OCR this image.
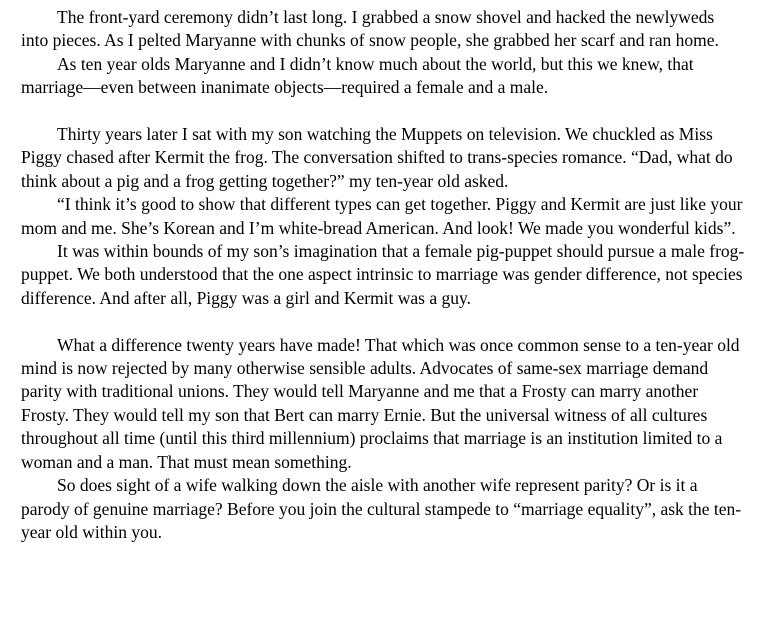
The front-yard ceremony didn’t last long. I grabbed a snow shovel and hacked the newlyweds into pieces. As I pelted Maryanne with chunks of snow people, she grabbed her scarf and ran home.

As ten year olds Maryanne and I didn’t know much about the world, but this we knew, that marriage—even between inanimate objects—required a female and a male.

Thirty years later I sat with my son watching the Muppets on television. We chuckled as Miss Piggy chased after Kermit the frog. The conversation shifted to trans-species romance. “Dad, what do think about a pig and a frog getting together?” my ten-year old asked.

“I think it’s good to show that different types can get together. Piggy and Kermit are just like your mom and me. She’s Korean and I’m white-bread American. And look! We made you wonderful kids”.

It was within bounds of my son’s imagination that a female pig-puppet should pursue a male frog-puppet. We both understood that the one aspect intrinsic to marriage was gender difference, not species difference. And after all, Piggy was a girl and Kermit was a guy.

What a difference twenty years have made! That which was once common sense to a ten-year old mind is now rejected by many otherwise sensible adults. Advocates of same-sex marriage demand parity with traditional unions. They would tell Maryanne and me that a Frosty can marry another Frosty. They would tell my son that Bert can marry Ernie. But the universal witness of all cultures throughout all time (until this third millennium) proclaims that marriage is an institution limited to a woman and a man. That must mean something.

So does sight of a wife walking down the aisle with another wife represent parity? Or is it a parody of genuine marriage? Before you join the cultural stampede to “marriage equality”, ask the ten-year old within you.
